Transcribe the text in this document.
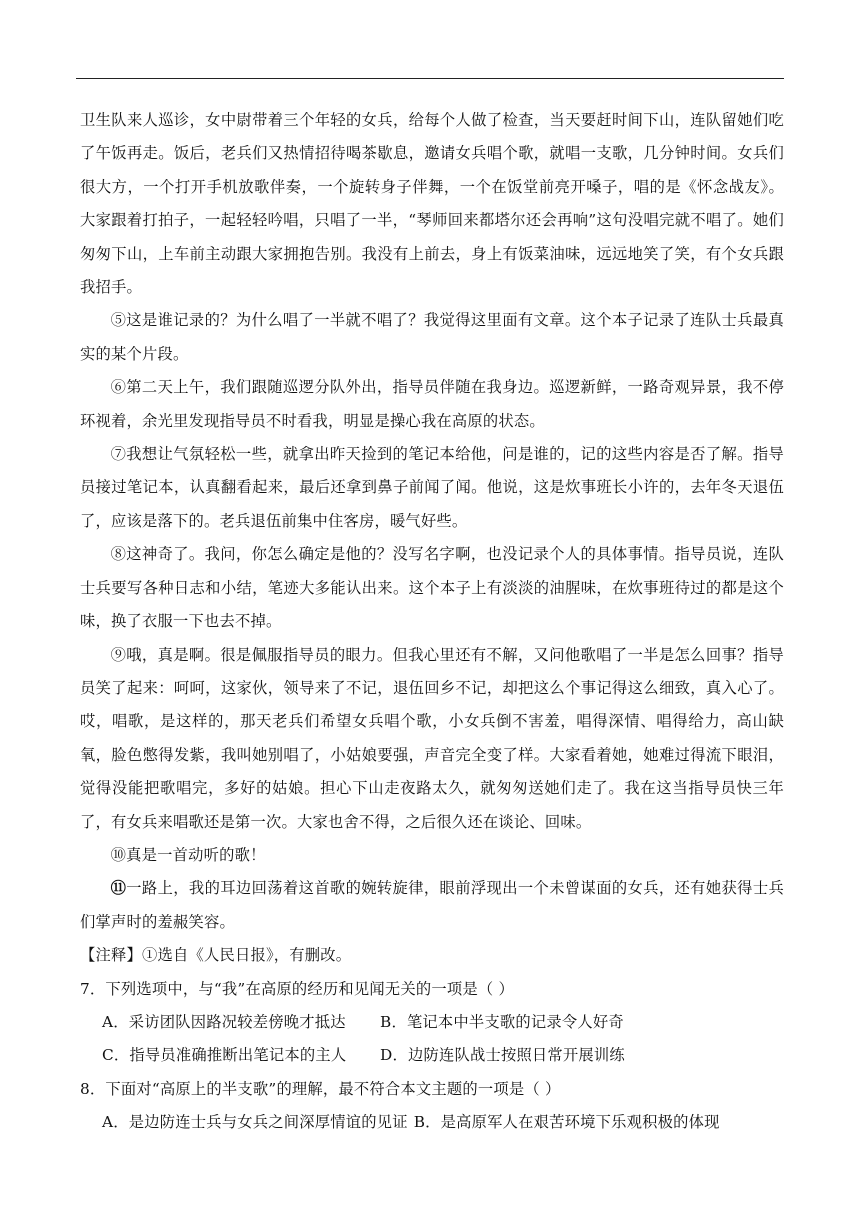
卫生队来人巡诊，女中尉带着三个年轻的女兵，给每个人做了检查，当天要赶时间下山，连队留她们吃了午饭再走。饭后，老兵们又热情招待喝茶歇息，邀请女兵唱个歌，就唱一支歌，几分钟时间。女兵们很大方，一个打开手机放歌伴奏，一个旋转身子伴舞，一个在饭堂前亮开嗓子，唱的是《怀念战友》。大家跟着打拍子，一起轻轻吟唱，只唱了一半，“琴师回来都塔尔还会再响”这句没唱完就不唱了。她们匆匆下山，上车前主动跟大家拥抱告别。我没有上前去，身上有饭菜油味，远远地笑了笑，有个女兵跟我招手。

⑤这是谁记录的？为什么唱了一半就不唱了？我觉得这里面有文章。这个本子记录了连队士兵最真实的某个片段。

⑥第二天上午，我们跟随巡逻分队外出，指导员伴随在我身边。巡逻新鲜，一路奇观异景，我不停环视着，余光里发现指导员不时看我，明显是操心我在高原的状态。

⑦我想让气氛轻松一些，就拿出昨天捡到的笔记本给他，问是谁的，记的这些内容是否了解。指导员接过笔记本，认真翻看起来，最后还拿到鼻子前闻了闻。他说，这是炊事班长小许的，去年冬天退伍了，应该是落下的。老兵退伍前集中住客房，暖气好些。

⑧这神奇了。我问，你怎么确定是他的？没写名字啊，也没记录个人的具体事情。指导员说，连队士兵要写各种日志和小结，笔迹大多能认出来。这个本子上有淡淡的油腥味，在炊事班待过的都是这个味，换了衣服一下也去不掉。

⑨哦，真是啊。很是佩服指导员的眼力。但我心里还有不解，又问他歌唱了一半是怎么回事？指导员笑了起来：呵呵，这家伙，领导来了不记，退伍回乡不记，却把这么个事记得这么细致，真入心了。哎，唱歌，是这样的，那天老兵们希望女兵唱个歌，小女兵倒不害羞，唱得深情、唱得给力，高山缺氧，脸色憋得发紫，我叫她别唱了，小姑娘要强，声音完全变了样。大家看着她，她难过得流下眼泪，觉得没能把歌唱完，多好的姑娘。担心下山走夜路太久，就匆匆送她们走了。我在这当指导员快三年了，有女兵来唱歌还是第一次。大家也舍不得，之后很久还在谈论、回味。

⑩真是一首动听的歌！

⑪一路上，我的耳边回荡着这首歌的婉转旋律，眼前浮现出一个未曾谋面的女兵，还有她获得士兵们掌声时的羞赧笑容。

【注释】①选自《人民日报》，有删改。

7．下列选项中，与“我”在高原的经历和见闻无关的一项是（ ）

A．采访团队因路况较差傍晚才抵达	B．笔记本中半支歌的记录令人好奇
C．指导员准确推断出笔记本的主人	D．边防连队战士按照日常开展训练

8．下面对“高原上的半支歌”的理解，最不符合本文主题的一项是（ ）

A．是边防连士兵与女兵之间深厚情谊的见证 B．是高原军人在艰苦环境下乐观积极的体现
